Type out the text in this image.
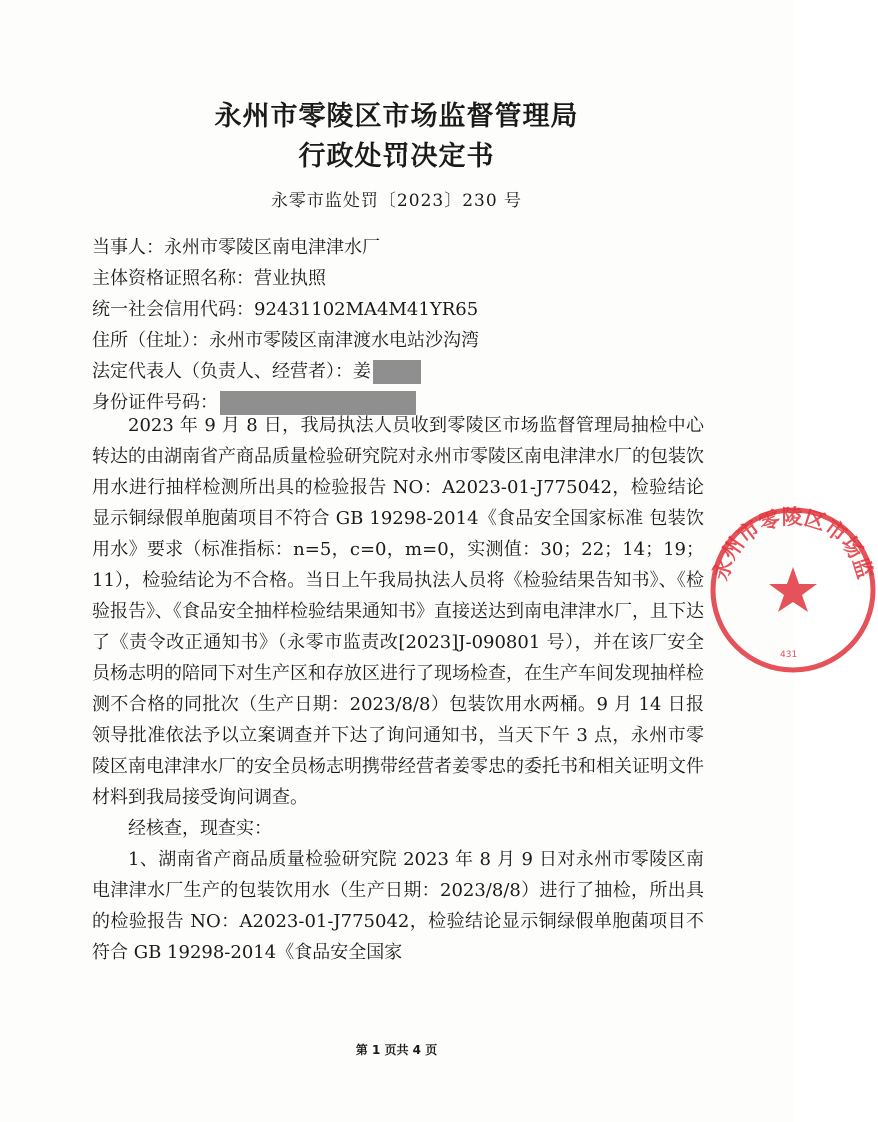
永州市零陵区市场监督管理局
行政处罚决定书
永零市监处罚〔2023〕230 号
当事人：永州市零陵区南电津津水厂
主体资格证照名称：营业执照
统一社会信用代码：92431102MA4M41YR65
住所（住址）：永州市零陵区南津渡水电站沙沟湾
法定代表人（负责人、经营者）：姜
身份证件号码：

2023 年 9 月 8 日，我局执法人员收到零陵区市场监督管理局抽检中心转达的由湖南省产商品质量检验研究院对永州市零陵区南电津津水厂的包装饮用水进行抽样检测所出具的检验报告 NO：A2023-01-J775042，检验结论显示铜绿假单胞菌项目不符合 GB 19298-2014《食品安全国家标准 包装饮用水》要求（标准指标：n=5，c=0，m=0，实测值：30；22；14；19；11），检验结论为不合格。当日上午我局执法人员将《检验结果告知书》、《检验报告》、《食品安全抽样检验结果通知书》直接送达到南电津津水厂，且下达了《责令改正通知书》（永零市监责改[2023]J-090801 号），并在该厂安全员杨志明的陪同下对生产区和存放区进行了现场检查，在生产车间发现抽样检测不合格的同批次（生产日期：2023/8/8）包装饮用水两桶。9 月 14 日报领导批准依法予以立案调查并下达了询问通知书，当天下午 3 点，永州市零陵区南电津津水厂的安全员杨志明携带经营者姜零忠的委托书和相关证明文件材料到我局接受询问调查。

经核查，现查实：

1、湖南省产商品质量检验研究院 2023 年 8 月 9 日对永州市零陵区南电津津水厂生产的包装饮用水（生产日期：2023/8/8）进行了抽检，所出具的检验报告 NO：A2023-01-J775042，检验结论显示铜绿假单胞菌项目不符合 GB 19298-2014《食品安全国家

永州市零陵区市场监
431
第 1 页共 4 页
